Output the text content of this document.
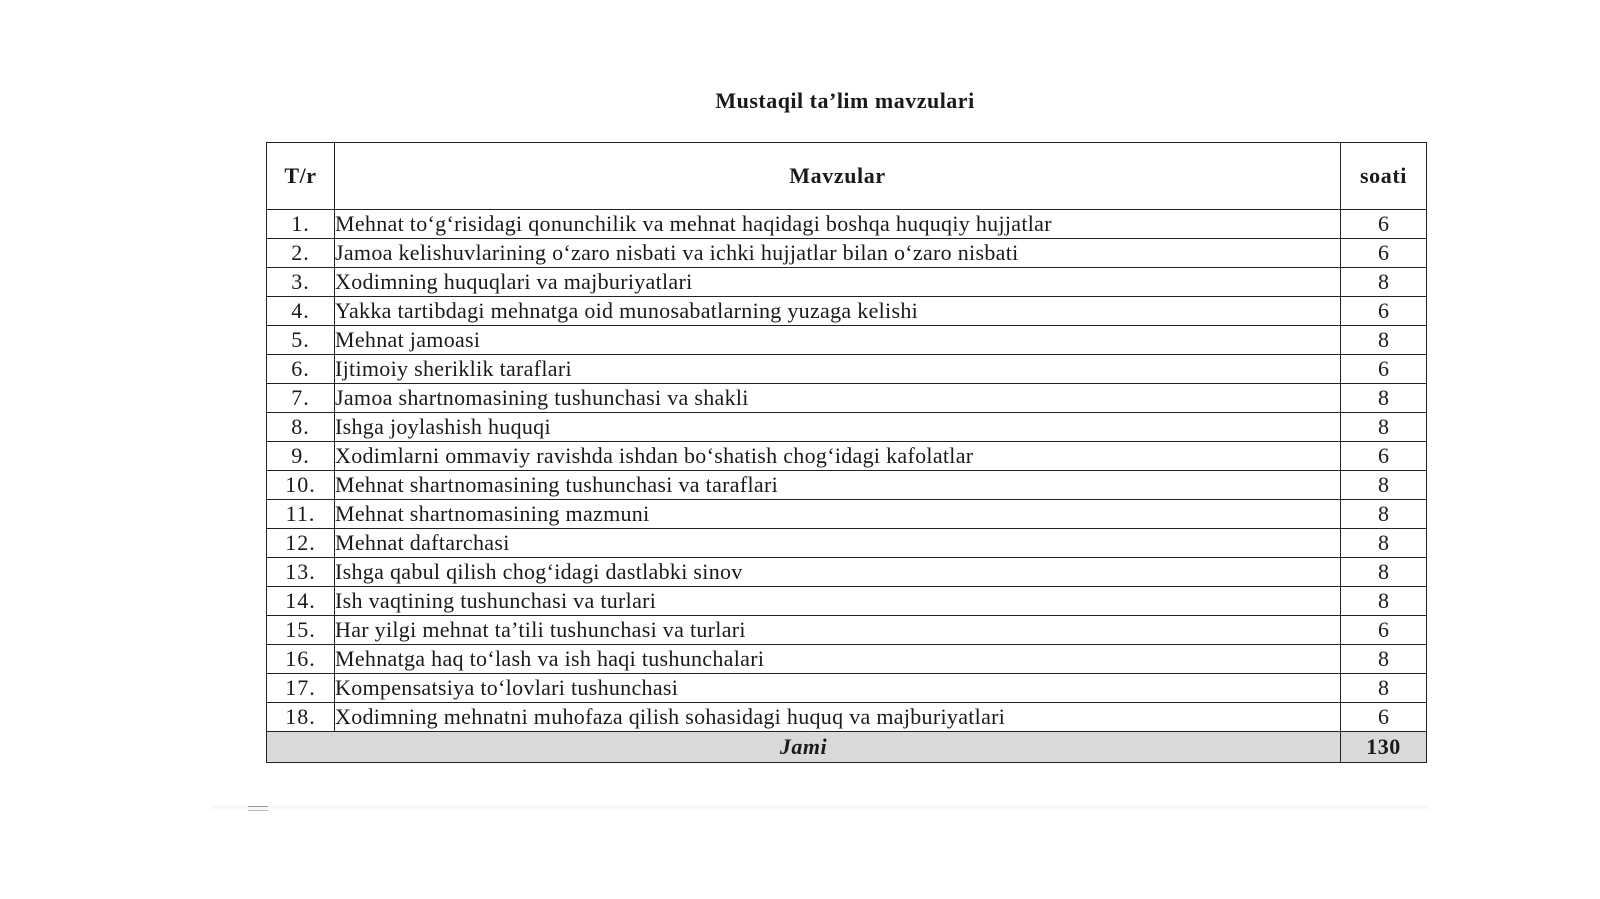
Mustaqil ta’lim mavzulari
T/r	Mavzular	soati
1.	Mehnat to‘g‘risidagi qonunchilik va mehnat haqidagi boshqa huquqiy hujjatlar	6
2.	Jamoa kelishuvlarining o‘zaro nisbati va ichki hujjatlar bilan o‘zaro nisbati	6
3.	Xodimning huquqlari va majburiyatlari	8
4.	Yakka tartibdagi mehnatga oid munosabatlarning yuzaga kelishi	6
5.	Mehnat jamoasi	8
6.	Ijtimoiy sheriklik taraflari	6
7.	Jamoa shartnomasining tushunchasi va shakli	8
8.	Ishga joylashish huquqi	8
9.	Xodimlarni ommaviy ravishda ishdan bo‘shatish chog‘idagi kafolatlar	6
10.	Mehnat shartnomasining tushunchasi va taraflari	8
11.	Mehnat shartnomasining mazmuni	8
12.	Mehnat daftarchasi	8
13.	Ishga qabul qilish chog‘idagi dastlabki sinov	8
14.	Ish vaqtining tushunchasi va turlari	8
15.	Har yilgi mehnat ta’tili tushunchasi va turlari	6
16.	Mehnatga haq to‘lash va ish haqi tushunchalari	8
17.	Kompensatsiya to‘lovlari tushunchasi	8
18.	Xodimning mehnatni muhofaza qilish sohasidagi huquq va majburiyatlari	6
Jami		130
